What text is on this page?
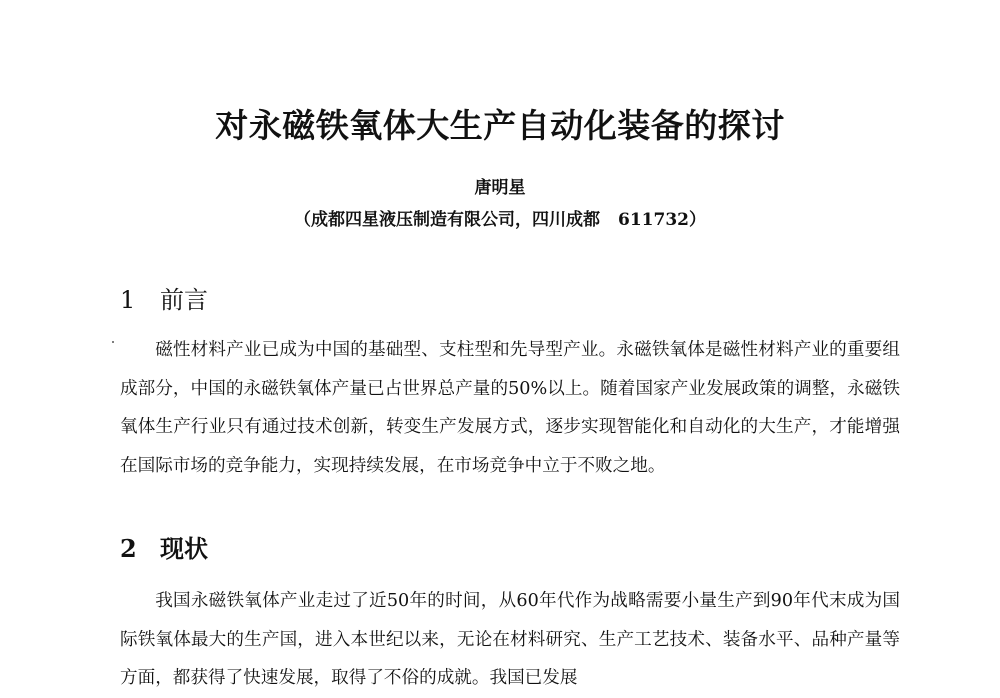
对永磁铁氧体大生产自动化装备的探讨
唐明星
（成都四星液压制造有限公司，四川成都 611732）
1 前言

磁性材料产业已成为中国的基础型、支柱型和先导型产业。永磁铁氧体是磁性材料产业的重要组成部分，中国的永磁铁氧体产量已占世界总产量的50%以上。随着国家产业发展政策的调整，永磁铁氧体生产行业只有通过技术创新，转变生产发展方式，逐步实现智能化和自动化的大生产，才能增强在国际市场的竞争能力，实现持续发展，在市场竞争中立于不败之地。

2 现状

我国永磁铁氧体产业走过了近50年的时间，从60年代作为战略需要小量生产到90年代末成为国际铁氧体最大的生产国，进入本世纪以来，无论在材料研究、生产工艺技术、装备水平、品种产量等方面，都获得了快速发展，取得了不俗的成就。我国已发展
